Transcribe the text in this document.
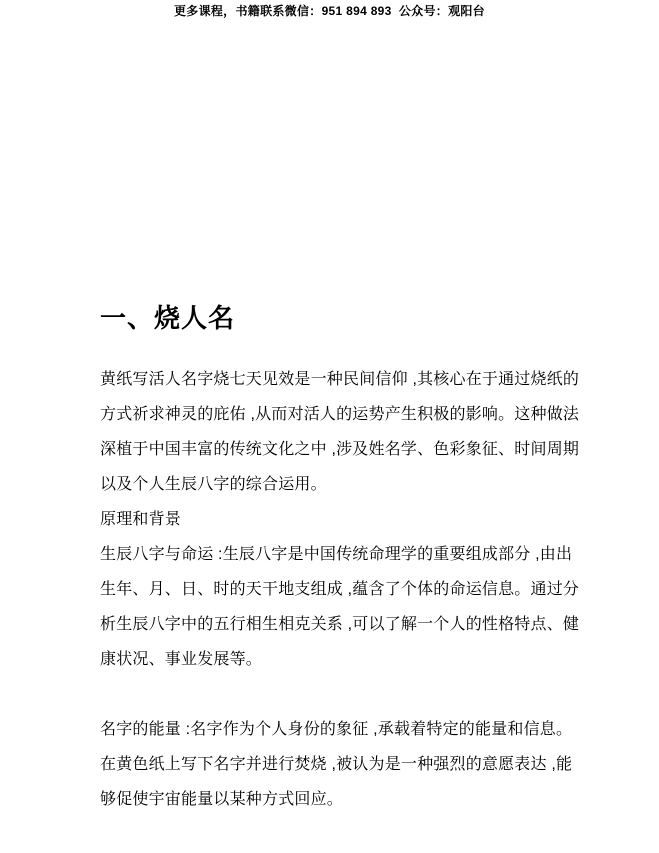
更多课程，书籍联系微信：951 894 893  公众号：观阳台
一、烧人名
黄纸写活人名字烧七天见效是一种民间信仰 ,其核心在于通过烧纸的
方式祈求神灵的庇佑 ,从而对活人的运势产生积极的影响。这种做法
深植于中国丰富的传统文化之中 ,涉及姓名学、色彩象征、时间周期
以及个人生辰八字的综合运用。
原理和背景
生辰八字与命运 :生辰八字是中国传统命理学的重要组成部分 ,由出
生年、月、日、时的天干地支组成 ,蕴含了个体的命运信息。通过分
析生辰八字中的五行相生相克关系 ,可以了解一个人的性格特点、健
康状况、事业发展等。
名字的能量 :名字作为个人身份的象征 ,承载着特定的能量和信息。
在黄色纸上写下名字并进行焚烧 ,被认为是一种强烈的意愿表达 ,能
够促使宇宙能量以某种方式回应。
